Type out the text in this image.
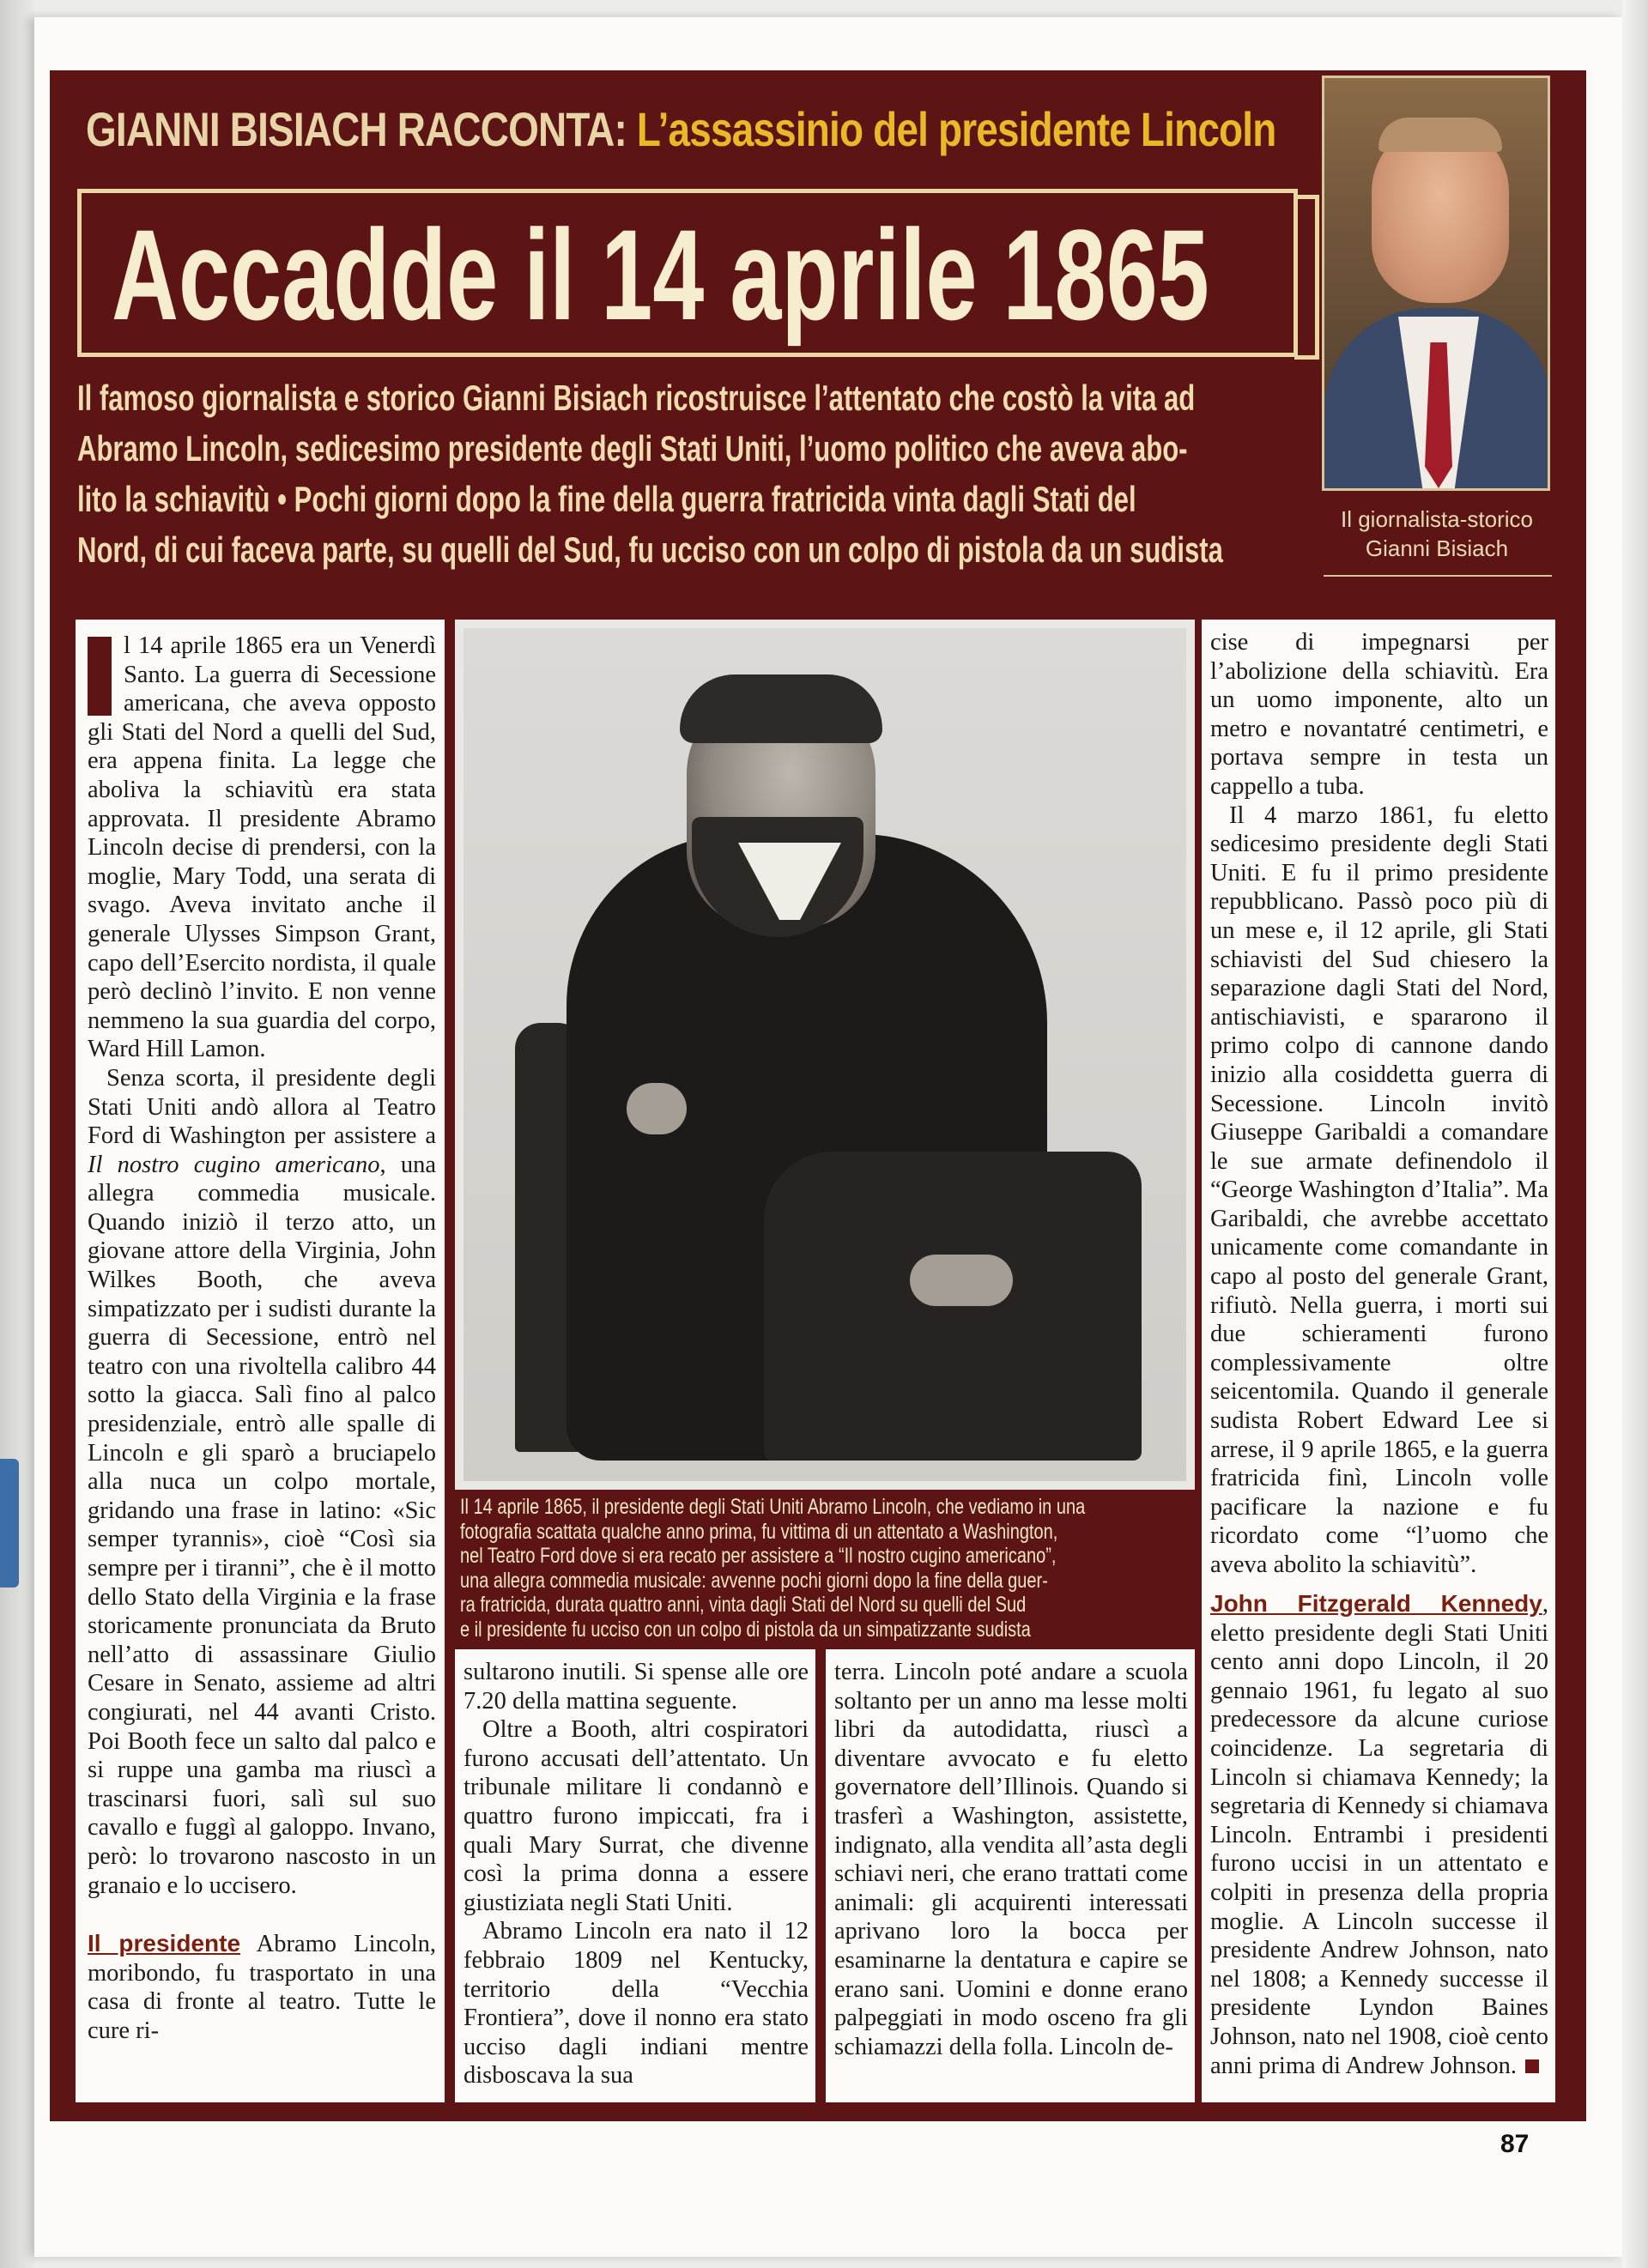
GIANNI BISIACH RACCONTA: L’assassinio del presidente Lincoln
Accadde il 14 aprile 1865
Il giornalista-storico
Gianni Bisiach
Il famoso giornalista e storico Gianni Bisiach ricostruisce l’attentato che costò la vita ad
Abramo Lincoln, sedicesimo presidente degli Stati Uniti, l’uomo politico che aveva abo-
lito la schiavitù • Pochi giorni dopo la fine della guerra fratricida vinta dagli Stati del
Nord, di cui faceva parte, su quelli del Sud, fu ucciso con un colpo di pistola da un sudista

l 14 aprile 1865 era un Venerdì Santo. La guerra di Secessione americana, che aveva opposto gli Stati del Nord a quelli del Sud, era appena finita. La legge che aboliva la schiavitù era stata approvata. Il presidente Abramo Lincoln decise di prendersi, con la moglie, Mary Todd, una serata di svago. Aveva invitato anche il generale Ulysses Simpson Grant, capo dell’Esercito nordista, il quale però declinò l’invito. E non venne nemmeno la sua guardia del corpo, Ward Hill Lamon.

Senza scorta, il presidente degli Stati Uniti andò allora al Teatro Ford di Washington per assistere a Il nostro cugino americano, una allegra commedia musicale. Quando iniziò il terzo atto, un giovane attore della Virginia, John Wilkes Booth, che aveva simpatizzato per i sudisti durante la guerra di Secessione, entrò nel teatro con una rivoltella calibro 44 sotto la giacca. Salì fino al palco presidenziale, entrò alle spalle di Lincoln e gli sparò a bruciapelo alla nuca un colpo mortale, gridando una frase in latino: «Sic semper tyrannis», cioè “Così sia sempre per i tiranni”, che è il motto dello Stato della Virginia e la frase storicamente pronunciata da Bruto nell’atto di assassinare Giulio Cesare in Senato, assieme ad altri congiurati, nel 44 avanti Cristo. Poi Booth fece un salto dal palco e si ruppe una gamba ma riuscì a trascinarsi fuori, salì sul suo cavallo e fuggì al galoppo. Invano, però: lo trovarono nascosto in un granaio e lo uccisero.

Il presidente Abramo Lincoln, moribondo, fu trasportato in una casa di fronte al teatro. Tutte le cure ri-

Il 14 aprile 1865, il presidente degli Stati Uniti Abramo Lincoln, che vediamo in una
fotografia scattata qualche anno prima, fu vittima di un attentato a Washington,
nel Teatro Ford dove si era recato per assistere a “Il nostro cugino americano”,
una allegra commedia musicale: avvenne pochi giorni dopo la fine della guer-
ra fratricida, durata quattro anni, vinta dagli Stati del Nord su quelli del Sud
e il presidente fu ucciso con un colpo di pistola da un simpatizzante sudista

sultarono inutili. Si spense alle ore 7.20 della mattina seguente.

Oltre a Booth, altri cospiratori furono accusati dell’attentato. Un tribunale militare li condannò e quattro furono impiccati, fra i quali Mary Surrat, che divenne così la prima donna a essere giustiziata negli Stati Uniti.

Abramo Lincoln era nato il 12 febbraio 1809 nel Kentucky, territorio della “Vecchia Frontiera”, dove il nonno era stato ucciso dagli indiani mentre disboscava la sua

terra. Lincoln poté andare a scuola soltanto per un anno ma lesse molti libri da autodidatta, riuscì a diventare avvocato e fu eletto governatore dell’Illinois. Quando si trasferì a Washington, assistette, indignato, alla vendita all’asta degli schiavi neri, che erano trattati come animali: gli acquirenti interessati aprivano loro la bocca per esaminarne la dentatura e capire se erano sani. Uomini e donne erano palpeggiati in modo osceno fra gli schiamazzi della folla. Lincoln de-

cise di impegnarsi per l’abolizione della schiavitù. Era un uomo imponente, alto un metro e novantatré centimetri, e portava sempre in testa un cappello a tuba.

Il 4 marzo 1861, fu eletto sedicesimo presidente degli Stati Uniti. E fu il primo presidente repubblicano. Passò poco più di un mese e, il 12 aprile, gli Stati schiavisti del Sud chiesero la separazione dagli Stati del Nord, antischiavisti, e spararono il primo colpo di cannone dando inizio alla cosiddetta guerra di Secessione. Lincoln invitò Giuseppe Garibaldi a comandare le sue armate definendolo il “George Washington d’Italia”. Ma Garibaldi, che avrebbe accettato unicamente come comandante in capo al posto del generale Grant, rifiutò. Nella guerra, i morti sui due schieramenti furono complessivamente oltre seicentomila. Quando il generale sudista Robert Edward Lee si arrese, il 9 aprile 1865, e la guerra fratricida finì, Lincoln volle pacificare la nazione e fu ricordato come “l’uomo che aveva abolito la schiavitù”.

John Fitzgerald Kennedy, eletto presidente degli Stati Uniti cento anni dopo Lincoln, il 20 gennaio 1961, fu legato al suo predecessore da alcune curiose coincidenze. La segretaria di Lincoln si chiamava Kennedy; la segretaria di Kennedy si chiamava Lincoln. Entrambi i presidenti furono uccisi in un attentato e colpiti in presenza della propria moglie. A Lincoln successe il presidente Andrew Johnson, nato nel 1808; a Kennedy successe il presidente Lyndon Baines Johnson, nato nel 1908, cioè cento anni prima di Andrew Johnson.

87
